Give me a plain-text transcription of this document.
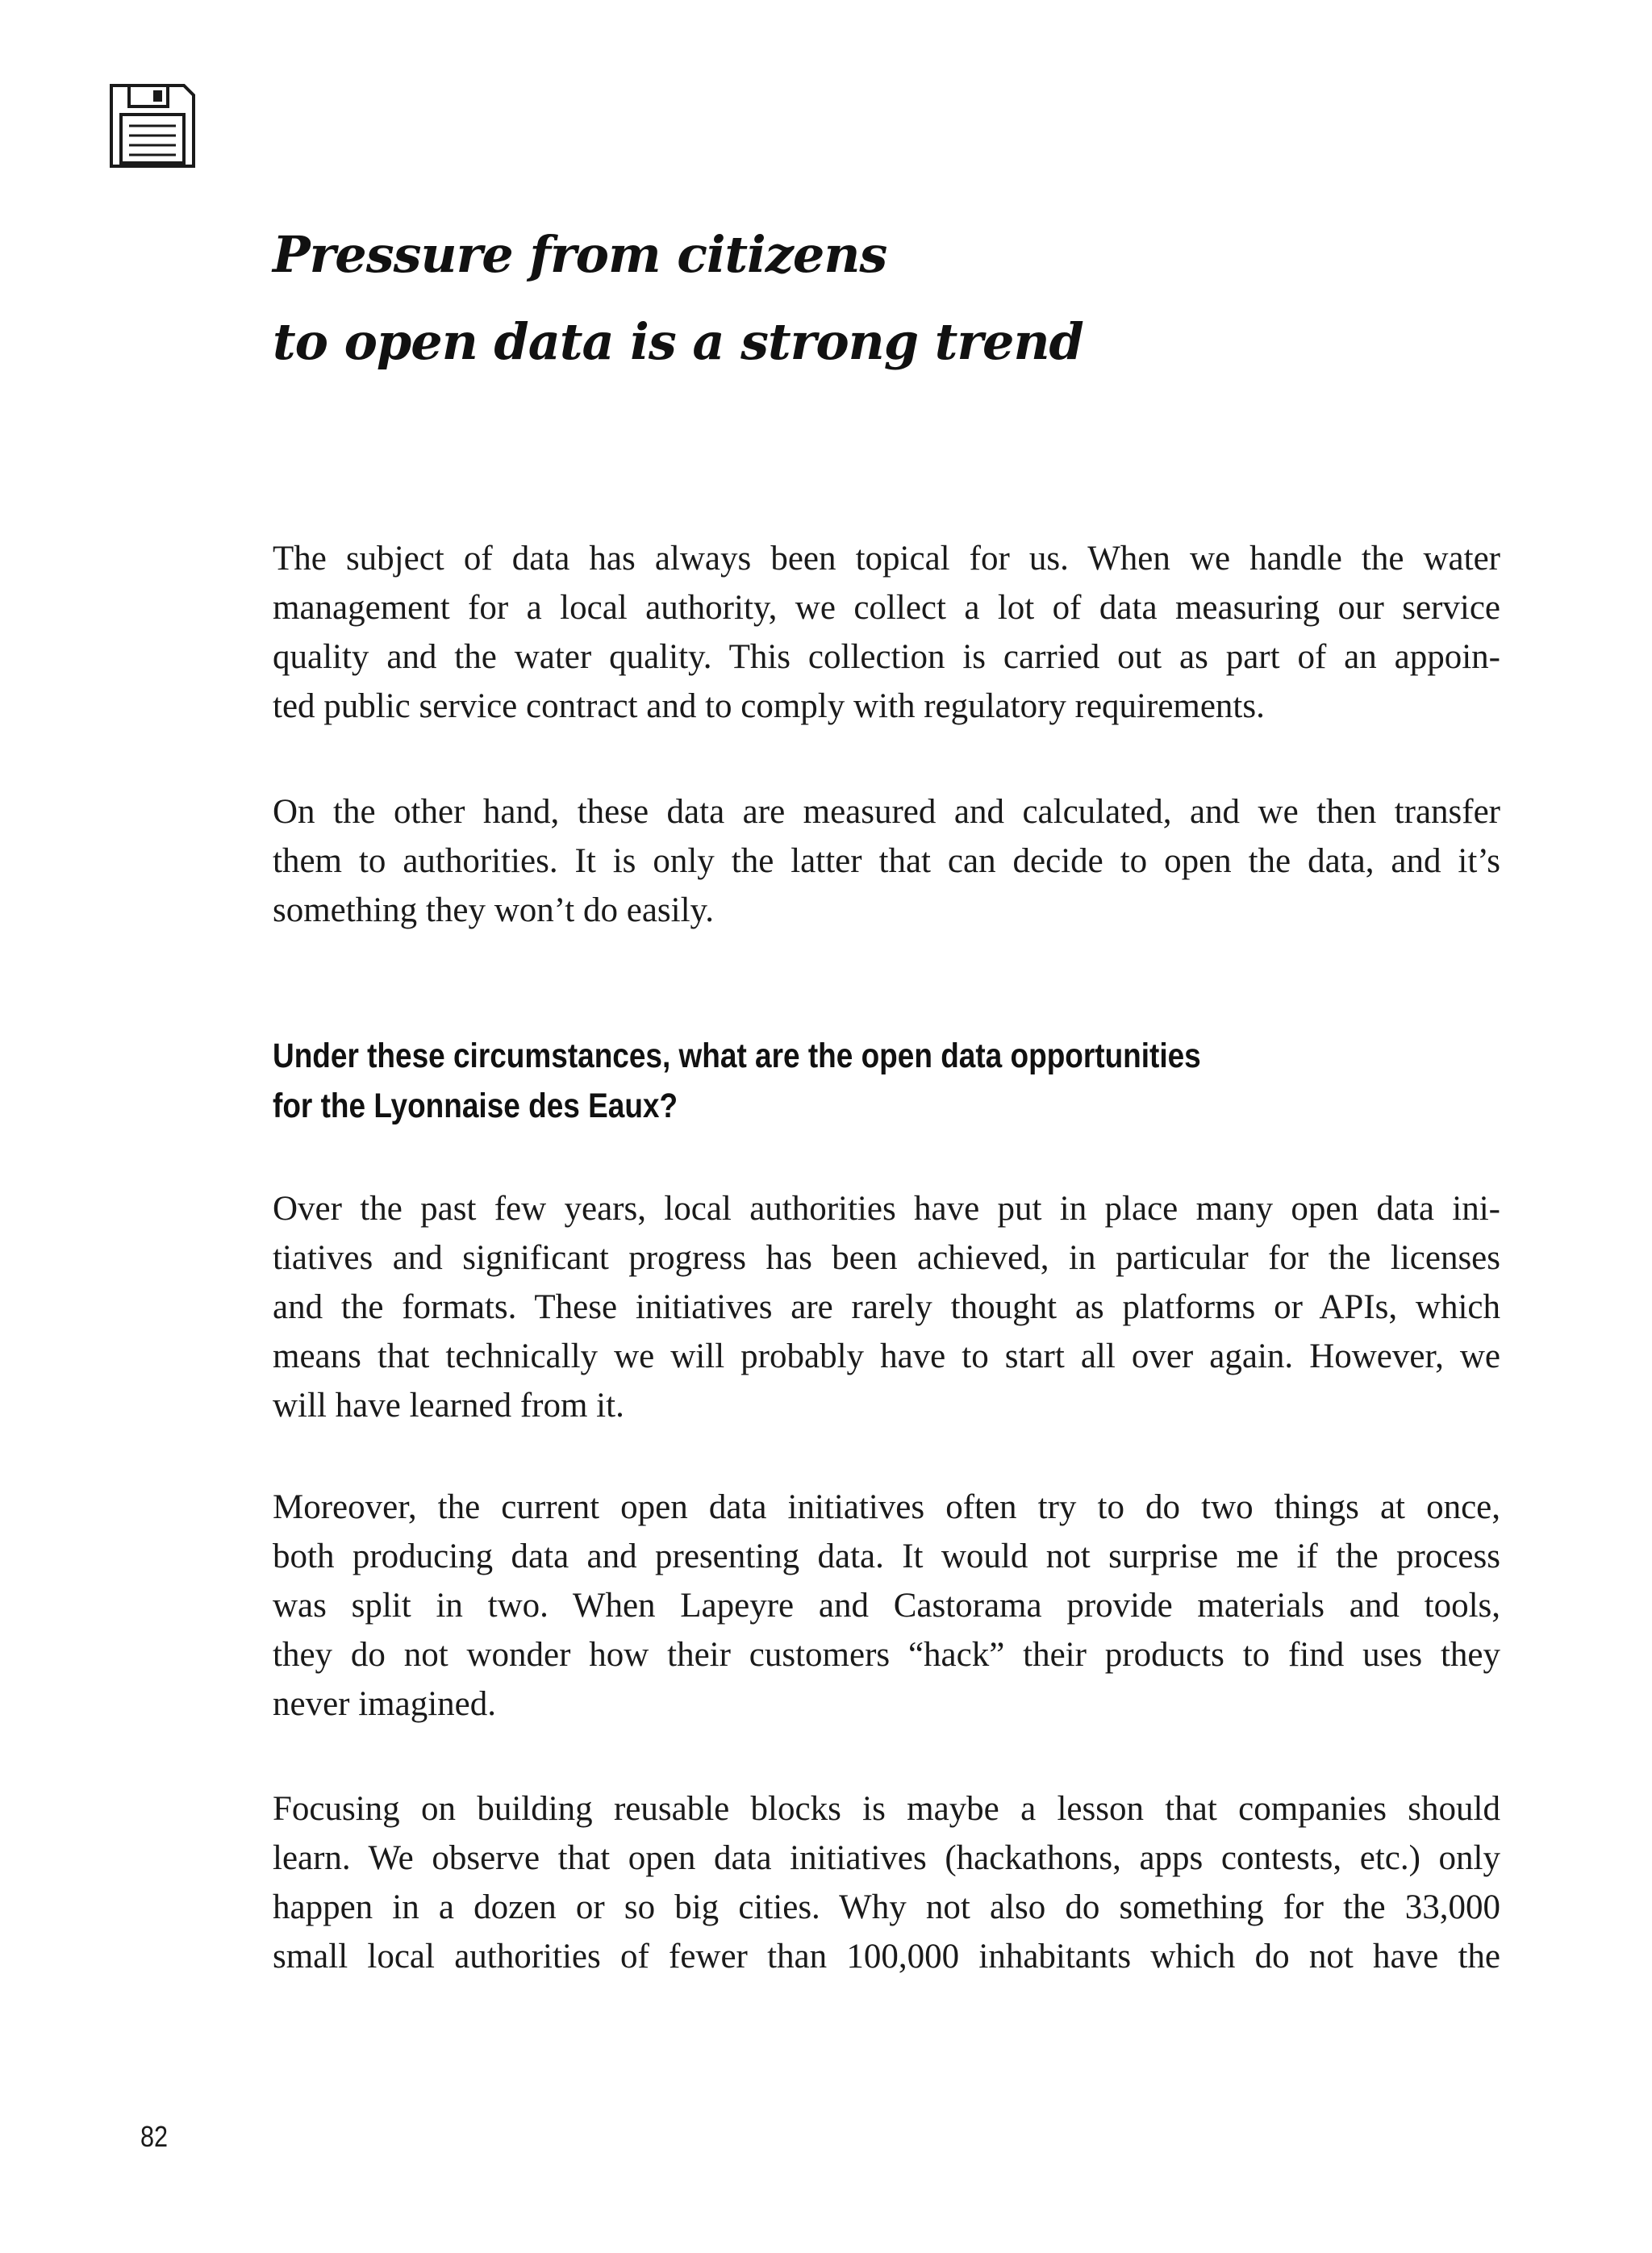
Pressure from citizens
to open data is a strong trend

The subject of data has always been topical for us. When we handle the water
management for a local authority, we collect a lot of data measuring our service
quality and the water quality. This collection is carried out as part of an appoin-
ted public service contract and to comply with regulatory requirements.

On the other hand, these data are measured and calculated, and we then transfer
them to authorities. It is only the latter that can decide to open the data, and it’s
something they won’t do easily.

Under these circumstances, what are the open data opportunities
for the Lyonnaise des Eaux?

Over the past few years, local authorities have put in place many open data ini-
tiatives and significant progress has been achieved, in particular for the licenses
and the formats. These initiatives are rarely thought as platforms or APIs, which
means that technically we will probably have to start all over again. However, we
will have learned from it.

Moreover, the current open data initiatives often try to do two things at once,
both producing data and presenting data. It would not surprise me if the process
was split in two. When Lapeyre and Castorama provide materials and tools,
they do not wonder how their customers “hack” their products to find uses they
never imagined.

Focusing on building reusable blocks is maybe a lesson that companies should
learn. We observe that open data initiatives (hackathons, apps contests, etc.) only
happen in a dozen or so big cities. Why not also do something for the 33,000
small local authorities of fewer than 100,000 inhabitants which do not have the

82
